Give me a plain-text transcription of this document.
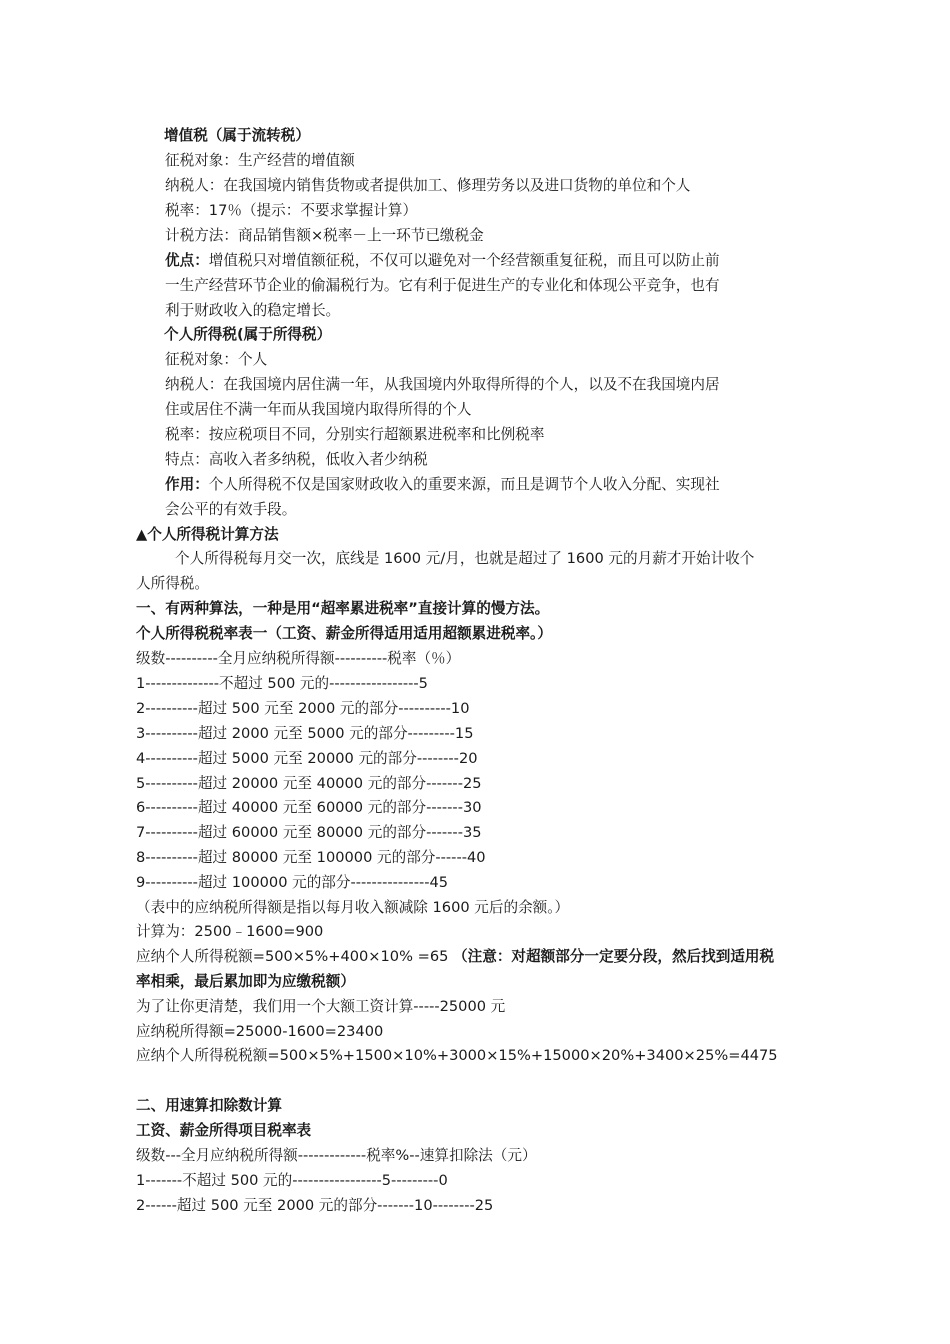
增值税（属于流转税）
征税对象：生产经营的增值额
纳税人：在我国境内销售货物或者提供加工、修理劳务以及进口货物的单位和个人
税率：17％（提示：不要求掌握计算）
计税方法：商品销售额×税率－上一环节已缴税金
优点：增值税只对增值额征税，不仅可以避免对一个经营额重复征税，而且可以防止前
一生产经营环节企业的偷漏税行为。它有利于促进生产的专业化和体现公平竞争，也有
利于财政收入的稳定增长。
个人所得税(属于所得税）
征税对象：个人
纳税人：在我国境内居住满一年，从我国境内外取得所得的个人，以及不在我国境内居
住或居住不满一年而从我国境内取得所得的个人
税率：按应税项目不同，分别实行超额累进税率和比例税率
特点：高收入者多纳税，低收入者少纳税
作用：个人所得税不仅是国家财政收入的重要来源，而且是调节个人收入分配、实现社
会公平的有效手段。
▲个人所得税计算方法
个人所得税每月交一次，底线是 1600 元/月，也就是超过了 1600 元的月薪才开始计收个
人所得税。
一、有两种算法，一种是用“超率累进税率”直接计算的慢方法。
个人所得税税率表一（工资、薪金所得适用适用超额累进税率。）
级数----------全月应纳税所得额----------税率（％）
1--------------不超过 500 元的-----------------5
2----------超过 500 元至 2000 元的部分----------10
3----------超过 2000 元至 5000 元的部分---------15
4----------超过 5000 元至 20000 元的部分--------20
5----------超过 20000 元至 40000 元的部分-------25
6----------超过 40000 元至 60000 元的部分-------30
7----------超过 60000 元至 80000 元的部分-------35
8----------超过 80000 元至 100000 元的部分------40
9----------超过 100000 元的部分---------------45
（表中的应纳税所得额是指以每月收入额减除 1600 元后的余额。）
计算为：2500﹣1600=900
应纳个人所得税额=500×5%+400×10% =65 （注意：对超额部分一定要分段，然后找到适用税
率相乘，最后累加即为应缴税额）
为了让你更清楚，我们用一个大额工资计算-----25000 元
应纳税所得额=25000-1600=23400
应纳个人所得税税额=500×5%+1500×10%+3000×15%+15000×20%+3400×25%=4475
二、用速算扣除数计算
工资、薪金所得项目税率表
级数---全月应纳税所得额-------------税率%--速算扣除法（元）
1-------不超过 500 元的-----------------5---------0
2------超过 500 元至 2000 元的部分-------10--------25
